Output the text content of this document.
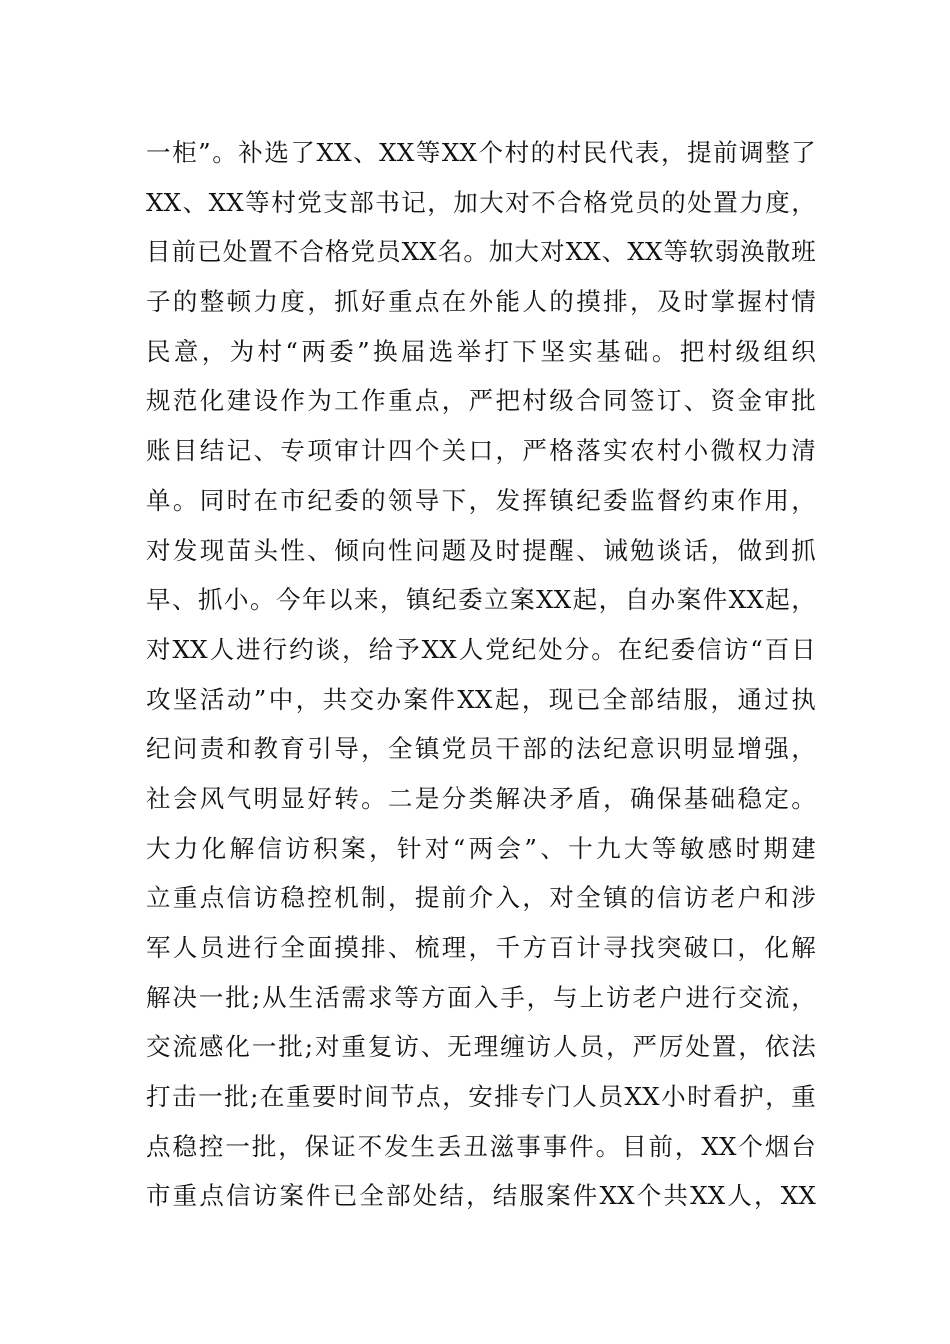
一柜”。补选了XX、XX等XX个村的村民代表，提前调整了
XX、XX等村党支部书记，加大对不合格党员的处置力度，
目前已处置不合格党员XX名。加大对XX、XX等软弱涣散班
子的整顿力度，抓好重点在外能人的摸排，及时掌握村情
民意，为村“两委”换届选举打下坚实基础。把村级组织
规范化建设作为工作重点，严把村级合同签订、资金审批
账目结记、专项审计四个关口，严格落实农村小微权力清
单。同时在市纪委的领导下，发挥镇纪委监督约束作用，
对发现苗头性、倾向性问题及时提醒、诫勉谈话，做到抓
早、抓小。今年以来，镇纪委立案XX起，自办案件XX起，
对XX人进行约谈，给予XX人党纪处分。在纪委信访“百日
攻坚活动”中，共交办案件XX起，现已全部结服，通过执
纪问责和教育引导，全镇党员干部的法纪意识明显增强，
社会风气明显好转。二是分类解决矛盾，确保基础稳定。
大力化解信访积案，针对“两会”、十九大等敏感时期建
立重点信访稳控机制，提前介入，对全镇的信访老户和涉
军人员进行全面摸排、梳理，千方百计寻找突破口，化解
解决一批;从生活需求等方面入手，与上访老户进行交流，
交流感化一批;对重复访、无理缠访人员，严厉处置，依法
打击一批;在重要时间节点，安排专门人员XX小时看护，重
点稳控一批，保证不发生丢丑滋事事件。目前，XX个烟台
市重点信访案件已全部处结，结服案件XX个共XX人，XX
